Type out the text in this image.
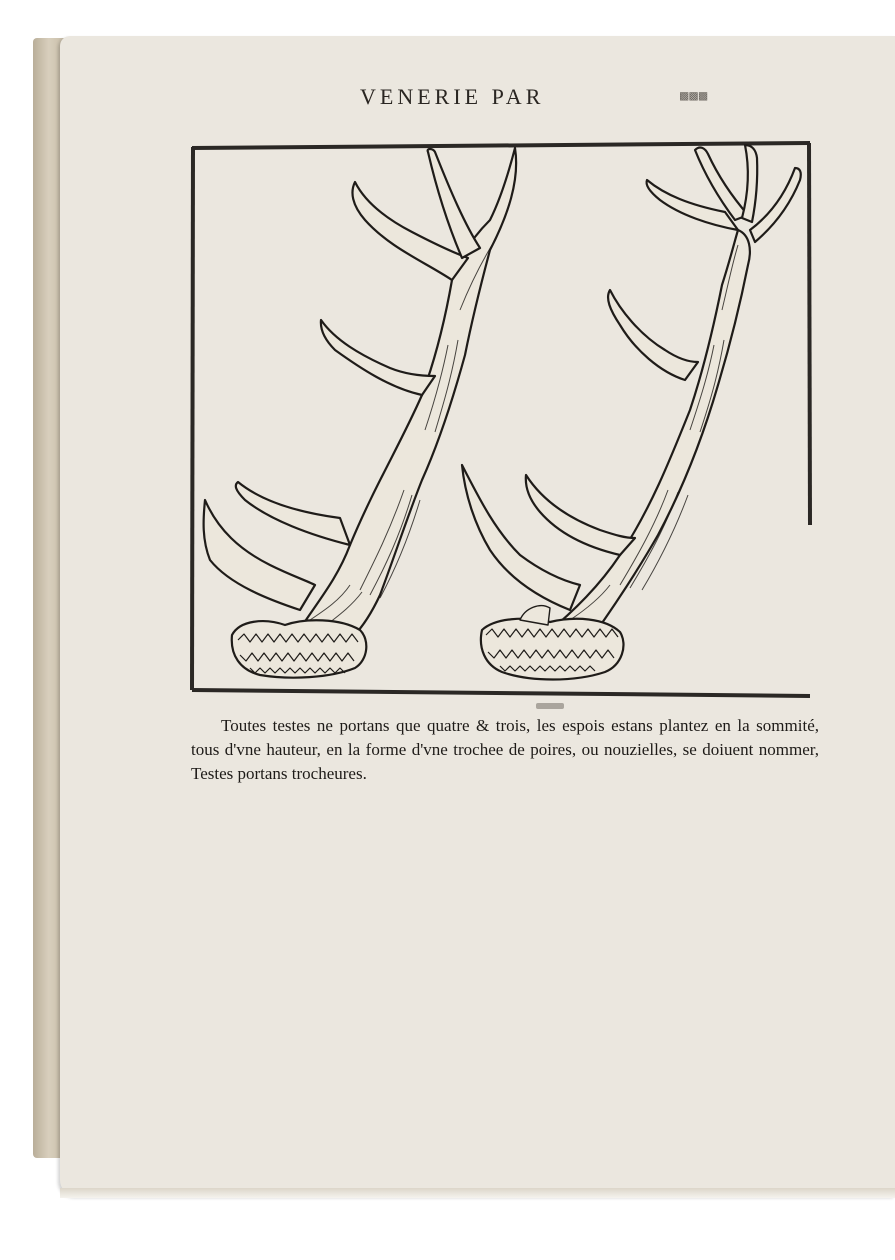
VENERIE PAR	▩▩▩

Toutes testes ne portans que quatre & trois, les espois estans plantez en la sommité, tous d'vne hauteur, en la forme d'vne trochee de poires, ou nouzielles, se doiuent nommer, Testes portans trocheures.
